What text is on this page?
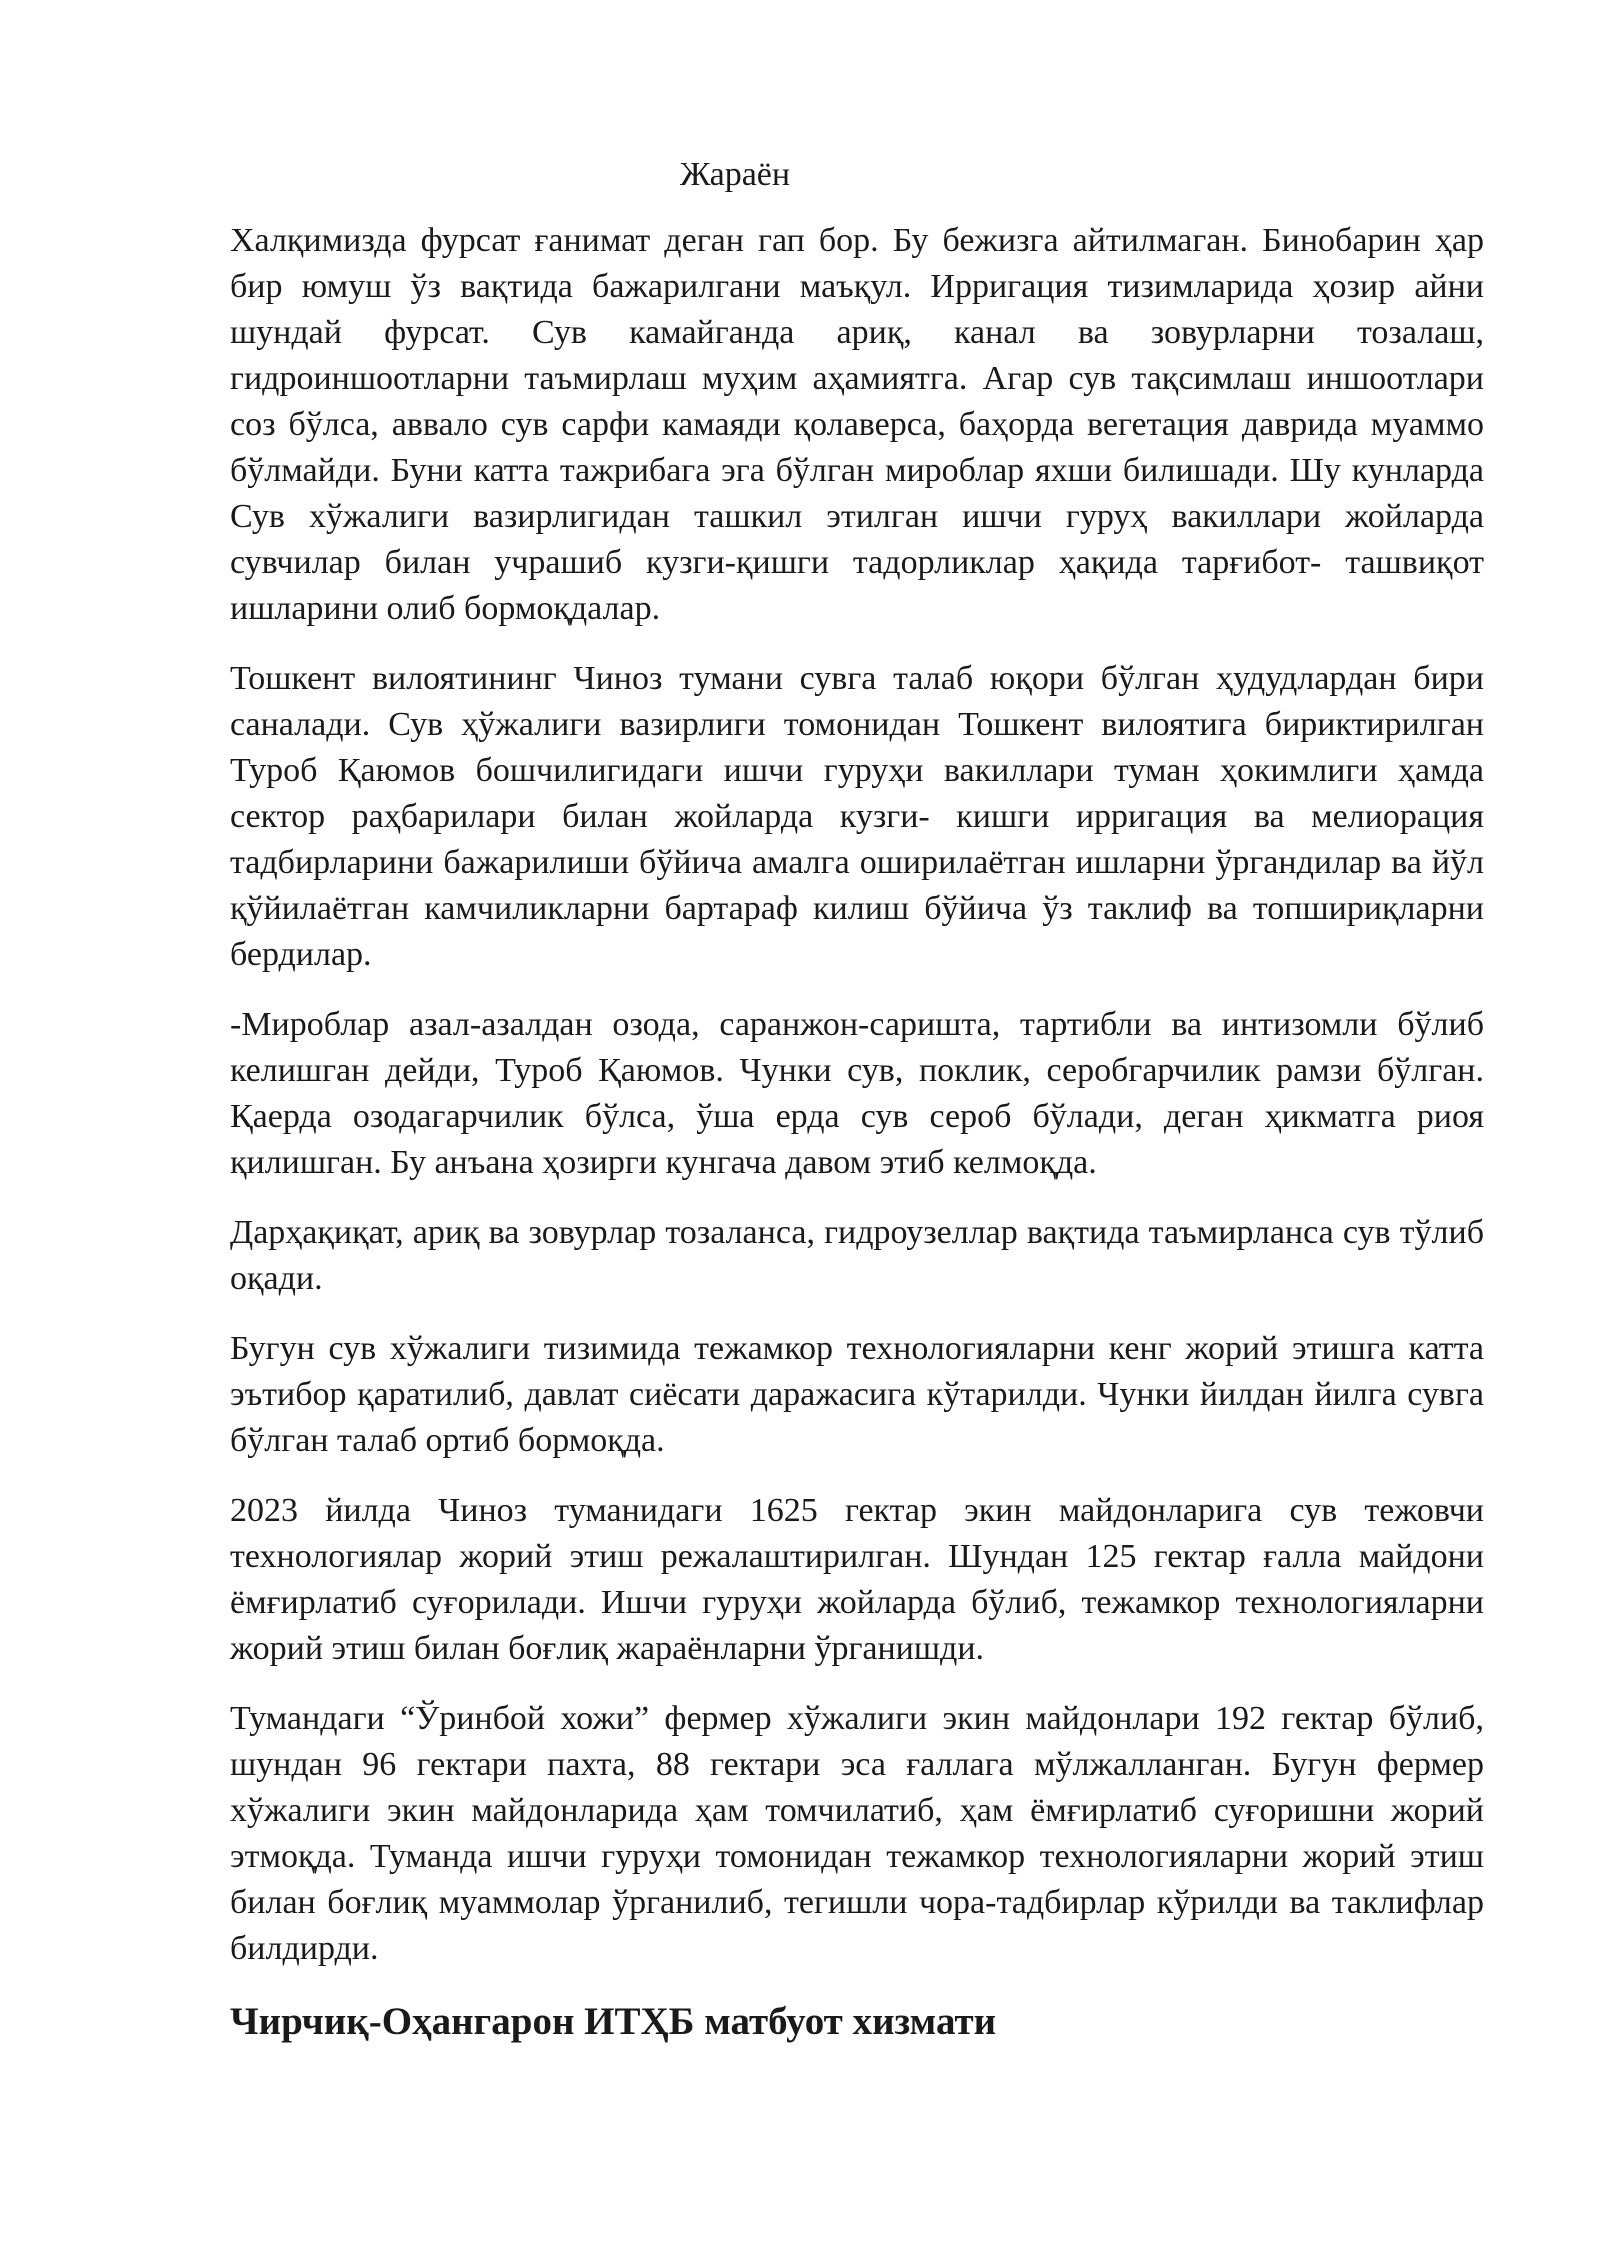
Жараён

Халқимизда фурсат ғанимат деган гап бор. Бу бежизга айтилмаган. Бинобарин ҳар бир юмуш ўз вақтида бажарилгани маъқул. Ирригация тизимларида ҳозир айни шундай фурсат. Сув камайганда ариқ, канал ва зовурларни тозалаш, гидроиншоотларни таъмирлаш муҳим аҳамиятга. Агар сув тақсимлаш иншоотлари соз бўлса, аввало сув сарфи камаяди қолаверса, баҳорда вегетация даврида муаммо бўлмайди. Буни катта тажрибага эга бўлган мироблар яхши билишади. Шу кунларда Сув хўжалиги вазирлигидан ташкил этилган ишчи гуруҳ вакиллари жойларда сувчилар билан учрашиб кузги-қишги тадорликлар ҳақида тарғибот- ташвиқот ишларини олиб бормоқдалар.

Тошкент вилоятининг Чиноз тумани сувга талаб юқори бўлган ҳудудлардан бири саналади. Сув ҳўжалиги вазирлиги томонидан Тошкент вилоятига бириктирилган Туроб Қаюмов бошчилигидаги ишчи гуруҳи вакиллари туман ҳокимлиги ҳамда сектор раҳбарилари билан жойларда кузги- кишги ирригация ва мелиорация тадбирларини бажарилиши бўйича амалга оширилаётган ишларни ўргандилар ва йўл қўйилаётган камчиликларни бартараф килиш бўйича ўз таклиф ва топшириқларни бердилар.

-Мироблар азал-азалдан озода, саранжон-саришта, тартибли ва интизомли бўлиб келишган дейди, Туроб Қаюмов. Чунки сув, поклик, серобгарчилик рамзи бўлган. Қаерда озодагарчилик бўлса, ўша ерда сув сероб бўлади, деган ҳикматга риоя қилишган. Бу анъана ҳозирги кунгача давом этиб келмоқда.

Дарҳақиқат, ариқ ва зовурлар тозаланса, гидроузеллар вақтида таъмирланса сув тўлиб оқади.

Бугун сув хўжалиги тизимида тежамкор технологияларни кенг жорий этишга катта эътибор қаратилиб, давлат сиёсати даражасига кўтарилди. Чунки йилдан йилга сувга бўлган талаб ортиб бормоқда.

2023 йилда Чиноз туманидаги 1625 гектар экин майдонларига сув тежовчи технологиялар жорий этиш режалаштирилган. Шундан 125 гектар ғалла майдони ёмғирлатиб суғорилади. Ишчи гуруҳи жойларда бўлиб, тежамкор технологияларни жорий этиш билан боғлиқ жараёнларни ўрганишди.

Тумандаги “Ўринбой хожи” фермер хўжалиги экин майдонлари 192 гектар бўлиб, шундан 96 гектари пахта, 88 гектари эса ғаллага мўлжалланган. Бугун фермер хўжалиги экин майдонларида ҳам томчилатиб, ҳам ёмғирлатиб суғоришни жорий этмоқда. Туманда ишчи гуруҳи томонидан тежамкор технологияларни жорий этиш билан боғлиқ муаммолар ўрганилиб, тегишли чора-тадбирлар кўрилди ва таклифлар билдирди.

Чирчиқ-Оҳангарон ИТҲБ матбуот хизмати
